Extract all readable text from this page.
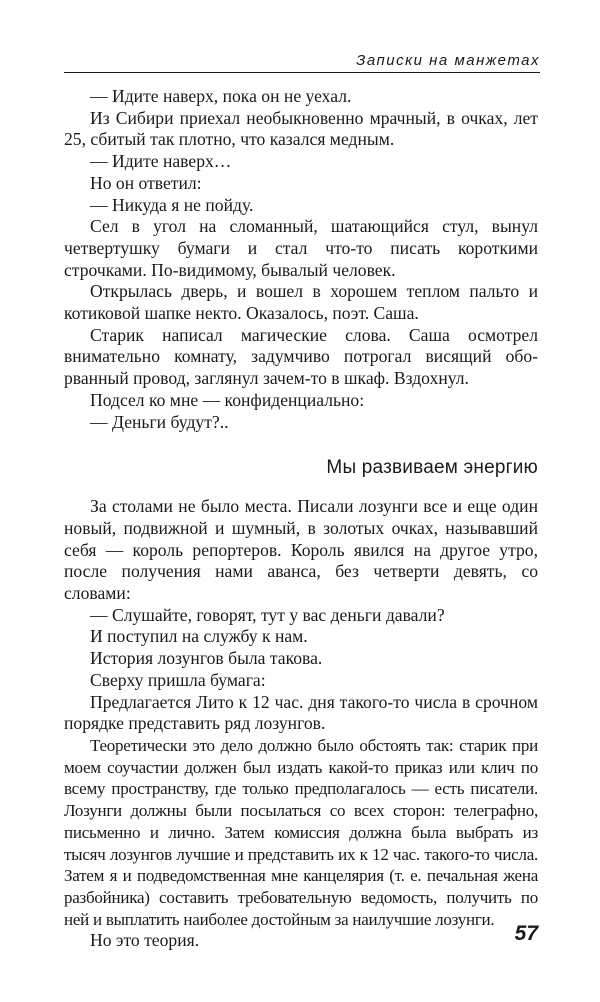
Записки на манжетах

— Идите наверх, пока он не уехал.

Из Сибири приехал необыкновенно мрачный, в очках, лет 25, сбитый так плотно, что казался медным.

— Идите наверх…

Но он ответил:

— Никуда я не пойду.

Сел в угол на сломанный, шатающийся стул, вынул четвертушку бумаги и стал что-то писать короткими строчками. По-видимому, бывалый человек.

Открылась дверь, и вошел в хорошем теплом пальто и котиковой шапке некто. Оказалось, поэт. Саша.

Старик написал магические слова. Саша осмотрел внимательно комнату, задумчиво потрогал висящий оборванный провод, заглянул зачем-то в шкаф. Вздохнул.

Подсел ко мне — конфиденциально:

— Деньги будут?..

Мы развиваем энергию

За столами не было места. Писали лозунги все и еще один новый, подвижной и шумный, в золотых очках, называвший себя — король репортеров. Король явился на другое утро, после получения нами аванса, без четверти девять, со словами:

— Слушайте, говорят, тут у вас деньги давали?

И поступил на службу к нам.

История лозунгов была такова.

Сверху пришла бумага:

Предлагается Лито к 12 час. дня такого-то числа в срочном порядке представить ряд лозунгов.

Теоретически это дело должно было обстоять так: старик при моем соучастии должен был издать какой-то приказ или клич по всему пространству, где только предполагалось — есть писатели. Лозунги должны были посылаться со всех сторон: телеграфно, письменно и лично. Затем комиссия должна была выбрать из тысяч лозунгов лучшие и представить их к 12 час. такого-то числа. Затем я и подведомственная мне канцелярия (т. е. печальная жена разбойника) составить требовательную ведомость, получить по ней и выплатить наиболее достойным за наилучшие лозунги.

Но это теория.	57
